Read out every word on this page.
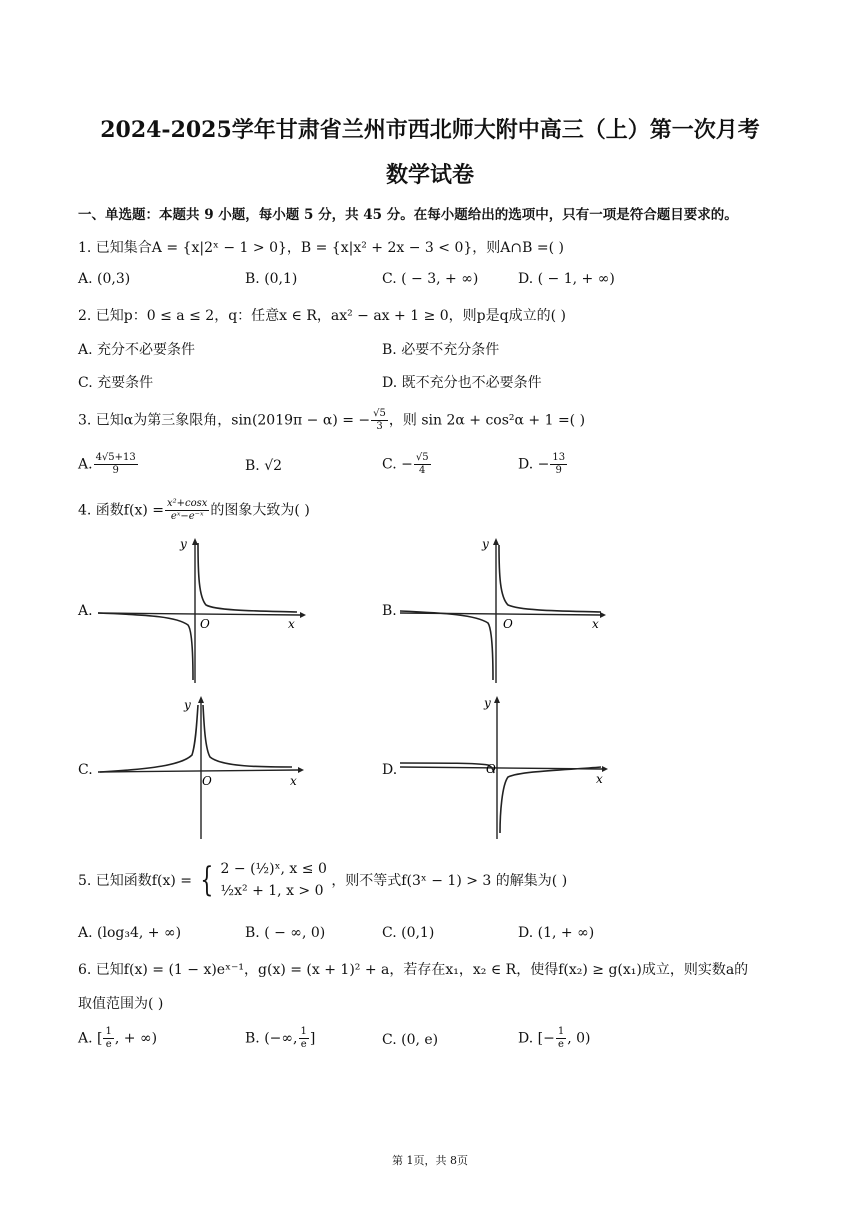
2024-2025学年甘肃省兰州市西北师大附中高三（上）第一次月考
数学试卷
一、单选题：本题共 9 小题，每小题 5 分，共 45 分。在每小题给出的选项中，只有一项是符合题目要求的。
1. 已知集合A = {x|2ˣ − 1 > 0}，B = {x|x² + 2x − 3 < 0}，则A∩B =( )
A. (0,3)	B. (0,1)	C. ( − 3, + ∞)	D. ( − 1, + ∞)
2. 已知p：0 ≤ a ≤ 2，q：任意x ∈ R，ax² − ax + 1 ≥ 0，则p是q成立的( )
A. 充分不必要条件	B. 必要不充分条件
C. 充要条件	D. 既不充分也不必要条件
3. 已知α为第三象限角，sin(2019π − α) = − $\frac{√5}{3}$ ，则 sin 2α + cos²α + 1 =( )
A. $\frac{4√5+13}{9}$	B. √2	C. − $\frac{√5}{4}$	D. − $\frac{13}{9}$
4. 函数$f(x) = \frac{\text{x²+cosx}}{\text{eˣ−e⁻ˣ}}$ 的图象大致为( )
A.
y
O	x
B.
y
O	x
C.
y
O	x
D.
y
O
x
5. 已知函数f(x) = { 2 − (½)ˣ, x ≤ 0
½x² + 1, x > 0
，则不等式f(3ˣ − 1) > 3 的解集为( )
A. (log₃4, + ∞)	B. ( − ∞, 0)	C. (0,1)	D. (1, + ∞)
6. 已知f(x) = (1 − x)eˣ⁻¹，g(x) = (x + 1)² + a，若存在x₁，x₂ ∈ R，使得f(x₂) ≥ g(x₁)成立，则实数a的
取值范围为( )
A. [ $\frac{1}{e}$ , + ∞)	B. (−∞, $\frac{1}{e}$ ]	C. (0, e)	D. [− $\frac{1}{e}$ , 0)
第 1页，共 8页
